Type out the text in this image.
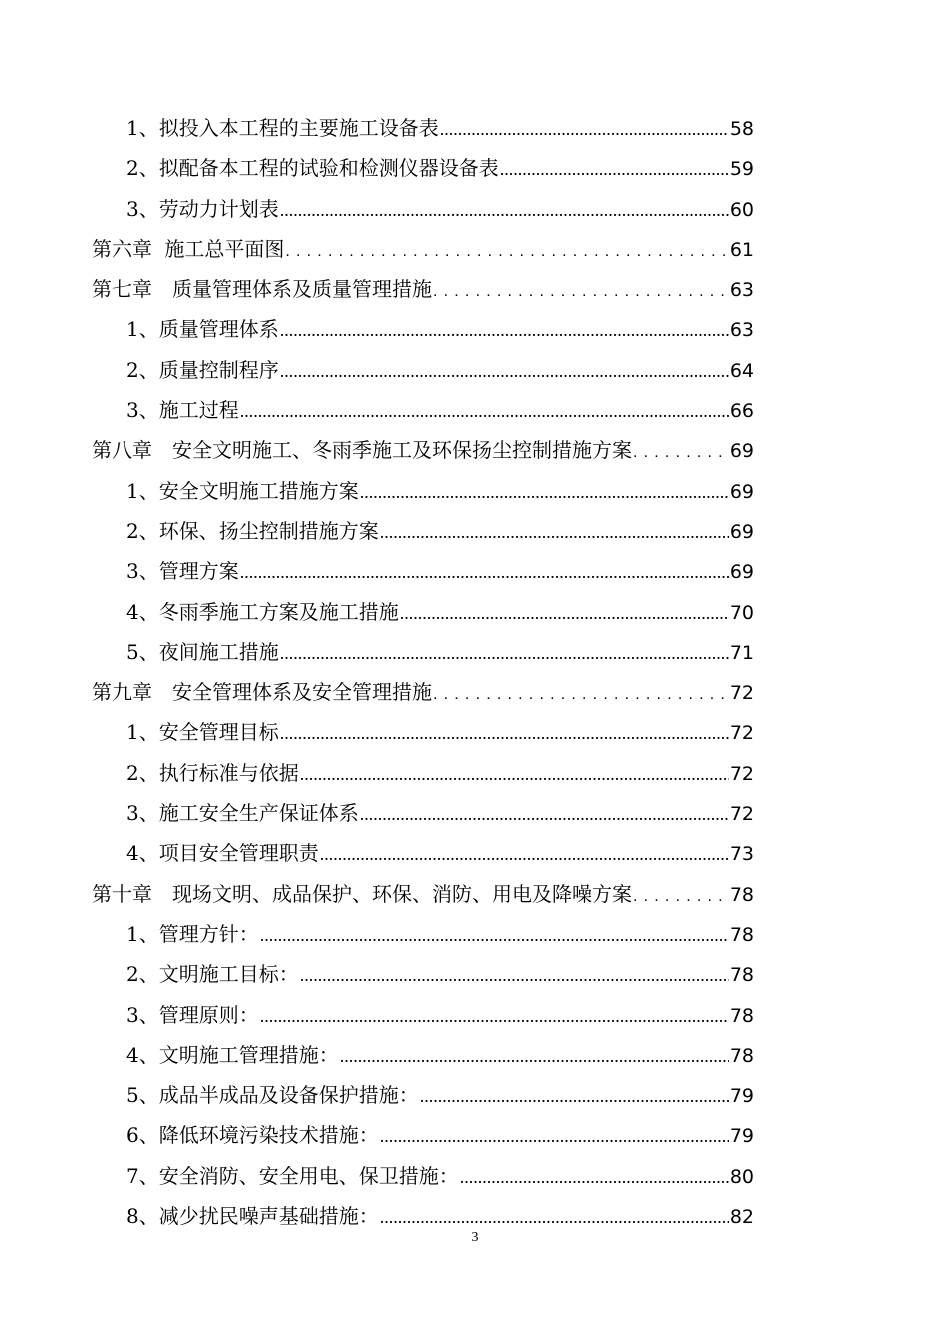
1、拟投入本工程的主要施工设备表 .....	58
2、拟配备本工程的试验和检测仪器设备表 .....	59
3、劳动力计划表 .....	60
第六章 施工总平面图 .....	61
第七章　质量管理体系及质量管理措施 .....	63
1、质量管理体系 .....	63
2、质量控制程序 .....	64
3、施工过程 .....	66
第八章　安全文明施工、冬雨季施工及环保扬尘控制措施方案 .....	69
1、安全文明施工措施方案 .....	69
2、环保、扬尘控制措施方案 .....	69
3、管理方案 .....	69
4、冬雨季施工方案及施工措施 .....	70
5、夜间施工措施 .....	71
第九章　安全管理体系及安全管理措施 .....	72
1、安全管理目标 .....	72
2、执行标准与依据 .....	72
3、施工安全生产保证体系 .....	72
4、项目安全管理职责 .....	73
第十章　现场文明、成品保护、环保、消防、用电及降噪方案 .....	78
1、管理方针： .....	78
2、文明施工目标： .....	78
3、管理原则： .....	78
4、文明施工管理措施： .....	78
5、成品半成品及设备保护措施： .....	79
6、降低环境污染技术措施： .....	79
7、安全消防、安全用电、保卫措施： .....	80
8、减少扰民噪声基础措施： .....	82
3
